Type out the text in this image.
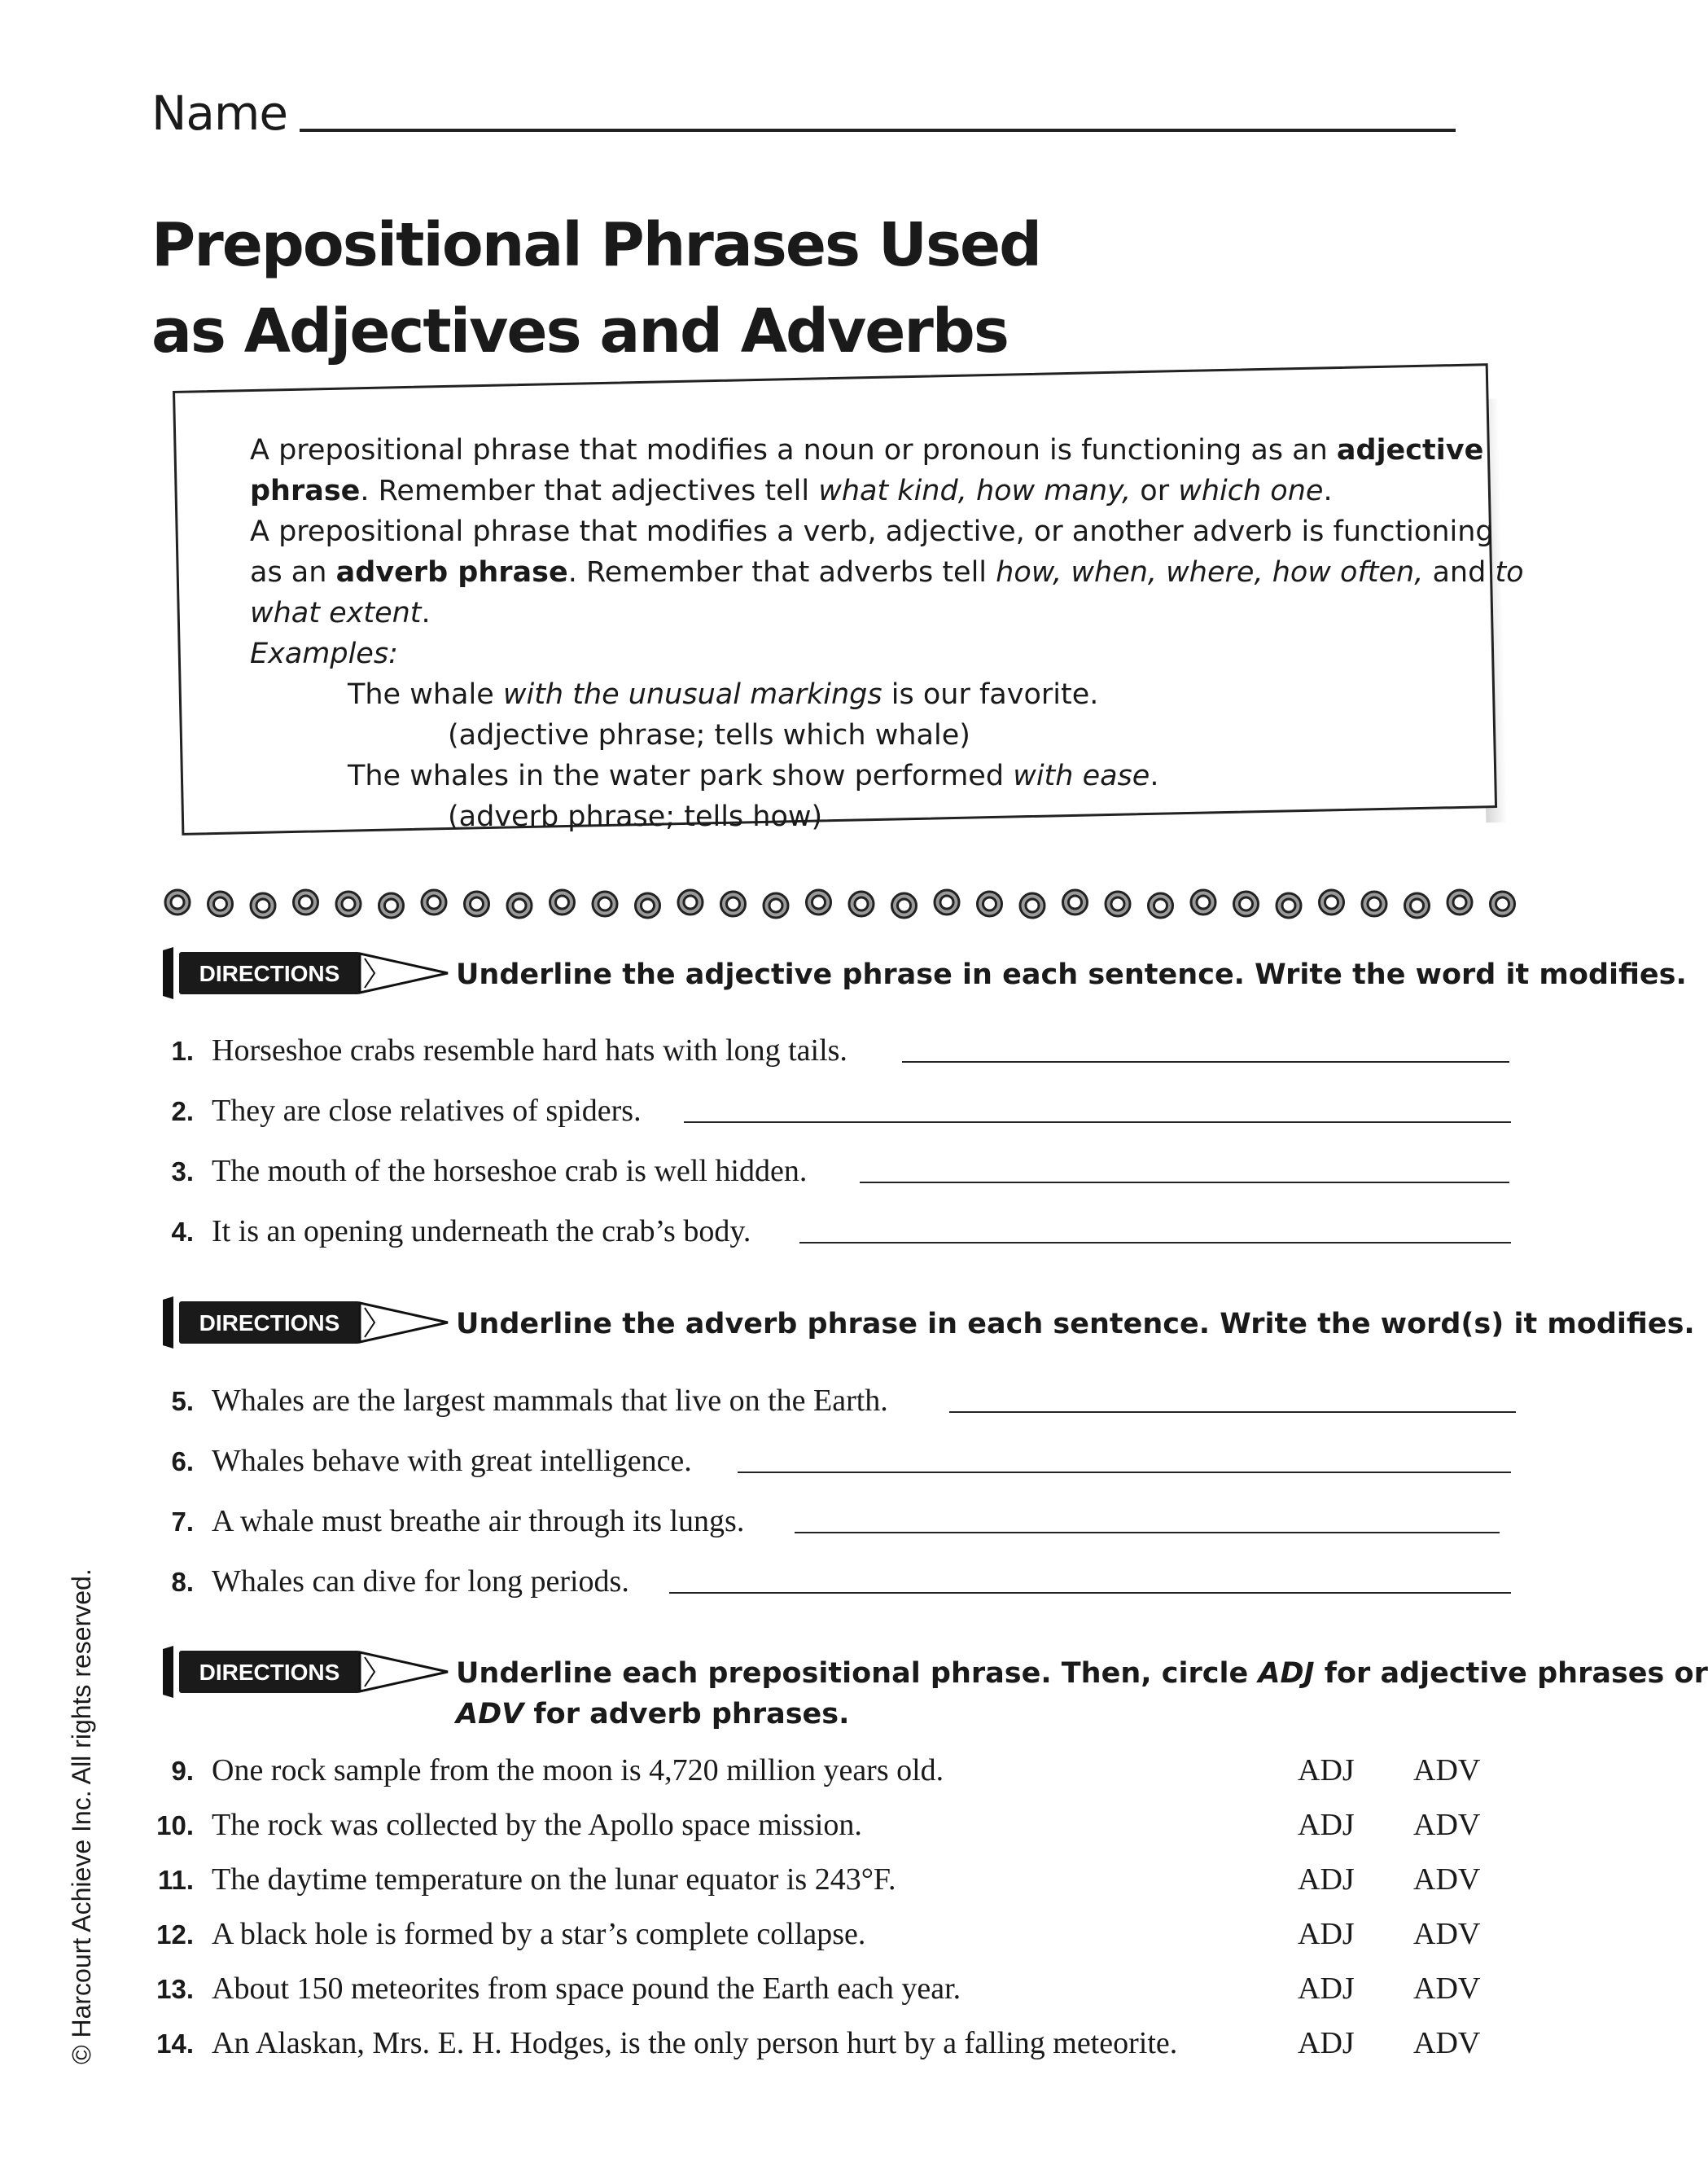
Name
Prepositional Phrases Used
as Adjectives and Adverbs
A prepositional phrase that modifies a noun or pronoun is functioning as an adjective
phrase. Remember that adjectives tell what kind, how many, or which one.
A prepositional phrase that modifies a verb, adjective, or another adverb is functioning
as an adverb phrase. Remember that adverbs tell how, when, where, how often, and to
what extent.
Examples:
The whale with the unusual markings is our favorite.
(adjective phrase; tells which whale)
The whales in the water park show performed with ease.
(adverb phrase; tells how)
DIRECTIONS	Underline the adjective phrase in each sentence. Write the word it modifies.
1. Horseshoe crabs resemble hard hats with long tails.
2. They are close relatives of spiders.
3. The mouth of the horseshoe crab is well hidden.
4. It is an opening underneath the crab’s body.
DIRECTIONS	Underline the adverb phrase in each sentence. Write the word(s) it modifies.
5. Whales are the largest mammals that live on the Earth.
6. Whales behave with great intelligence.
7. A whale must breathe air through its lungs.
8. Whales can dive for long periods.
DIRECTIONS	Underline each prepositional phrase. Then, circle ADJ for adjective phrases or
ADV for adverb phrases.
9. One rock sample from the moon is 4,720 million years old.	ADJ ADV
10. The rock was collected by the Apollo space mission.	ADJ ADV
11. The daytime temperature on the lunar equator is 243°F.	ADJ ADV
12. A black hole is formed by a star’s complete collapse.	ADJ ADV
13. About 150 meteorites from space pound the Earth each year.	ADJ ADV
14. An Alaskan, Mrs. E. H. Hodges, is the only person hurt by a falling meteorite.	ADJ ADV
© Harcourt Achieve Inc. All rights reserved.
